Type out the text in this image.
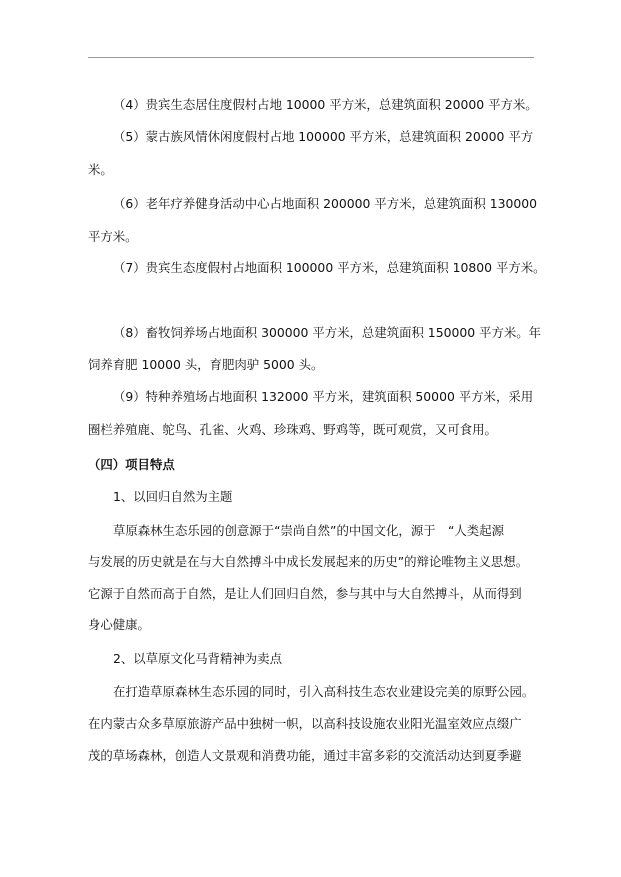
（4）贵宾生态居住度假村占地 10000 平方米，总建筑面积 20000 平方米。

（5）蒙古族风情休闲度假村占地 100000 平方米，总建筑面积 20000 平方

米。

（6）老年疗养健身活动中心占地面积 200000 平方米，总建筑面积 130000

平方米。

（7）贵宾生态度假村占地面积 100000 平方米，总建筑面积 10800 平方米。

（8）畜牧饲养场占地面积 300000 平方米，总建筑面积 150000 平方米。年

饲养育肥 10000 头，育肥肉驴 5000 头。

（9）特种养殖场占地面积 132000 平方米，建筑面积 50000 平方米，采用

圈栏养殖鹿、鸵鸟、孔雀、火鸡、珍珠鸡、野鸡等，既可观赏，又可食用。

（四）项目特点

1、以回归自然为主题

草原森林生态乐园的创意源于“崇尚自然”的中国文化，源于　“人类起源

与发展的历史就是在与大自然搏斗中成长发展起来的历史”的辩论唯物主义思想。

它源于自然而高于自然，是让人们回归自然，参与其中与大自然搏斗，从而得到

身心健康。

2、以草原文化马背精神为卖点

在打造草原森林生态乐园的同时，引入高科技生态农业建设完美的原野公园。

在内蒙古众多草原旅游产品中独树一帜，以高科技设施农业阳光温室效应点缀广

茂的草场森林，创造人文景观和消费功能，通过丰富多彩的交流活动达到夏季避
